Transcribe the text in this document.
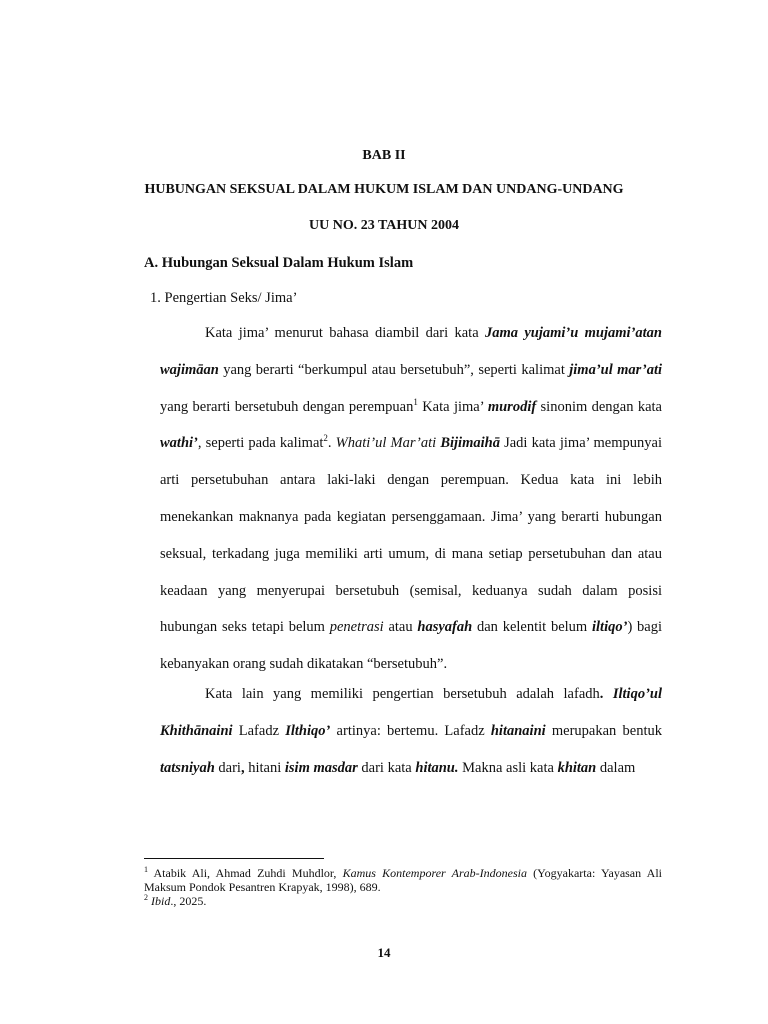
BAB II
HUBUNGAN SEKSUAL DALAM HUKUM ISLAM DAN UNDANG-UNDANG
UU NO. 23 TAHUN 2004
A. Hubungan Seksual Dalam Hukum Islam
1. Pengertian Seks/ Jima’

Kata jima’ menurut bahasa diambil dari kata Jama yujami’u mujami’atan wajimāan yang berarti “berkumpul atau bersetubuh”, seperti kalimat jima’ul mar’ati yang berarti bersetubuh dengan perempuan$^1$ Kata jima’ murodif sinonim dengan kata wathi’, seperti pada kalimat$^2$. Whati’ul Mar’ati Bijimaihā Jadi kata jima’ mempunyai arti persetubuhan antara laki-laki dengan perempuan. Kedua kata ini lebih menekankan maknanya pada kegiatan persenggamaan. Jima’ yang berarti hubungan seksual, terkadang juga memiliki arti umum, di mana setiap persetubuhan dan atau keadaan yang menyerupai bersetubuh (semisal, keduanya sudah dalam posisi hubungan seks tetapi belum penetrasi atau hasyafah dan kelentit belum iltiqo’) bagi kebanyakan orang sudah dikatakan “bersetubuh”.

Kata lain yang memiliki pengertian bersetubuh adalah lafadh. Iltiqo’ul Khithānaini Lafadz Ilthiqo’ artinya: bertemu. Lafadz hitanaini merupakan bentuk tatsniyah dari, hitani isim masdar dari kata hitanu. Makna asli kata khitan dalam

$^1$ Atabik Ali, Ahmad Zuhdi Muhdlor, Kamus Kontemporer Arab-Indonesia (Yogyakarta: Yayasan Ali Maksum Pondok Pesantren Krapyak, 1998), 689.

$^2$ Ibid., 2025.

14
